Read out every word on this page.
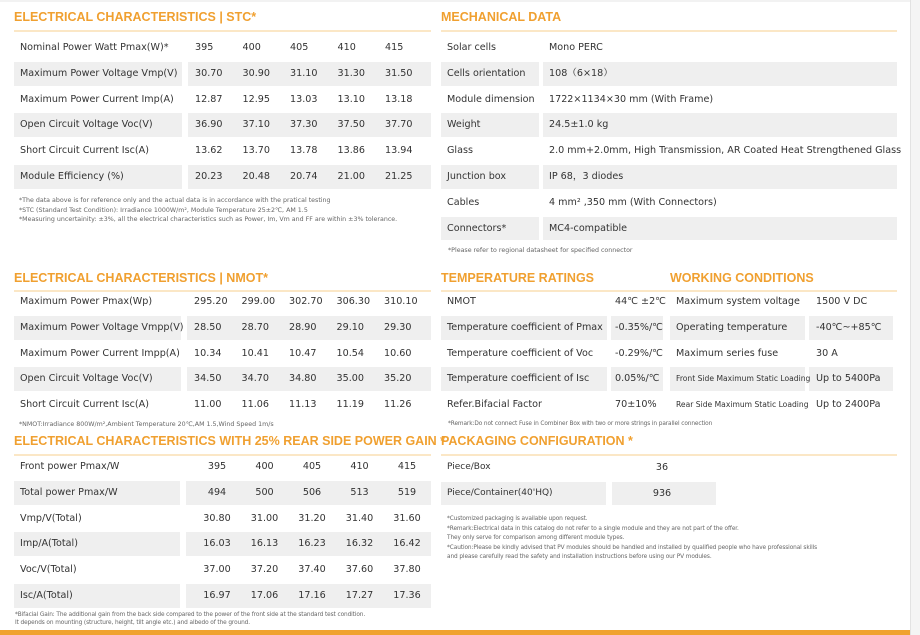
ELECTRICAL CHARACTERISTICS | STC*
Nominal Power Watt Pmax(W)*	395	400	405	410	415
Maximum Power Voltage Vmp(V) 30.70 30.90 31.10 31.30 31.50
Maximum Power Current Imp(A) 12.87 12.95 13.03 13.10 13.18
Open Circuit Voltage Voc(V)	36.90 37.10 37.30 37.50 37.70
Short Circuit Current Isc(A)	13.62 13.70 13.78 13.86 13.94
Module Efficiency (%)	20.23 20.48 20.74 21.00 21.25
*The data above is for reference only and the actual data is in accordance with the pratical testing
*STC (Standard Test Condition): Irradiance 1000W/m², Module Temperature 25±2℃, AM 1.5
*Measuring uncertainity: ±3%, all the electrical characteristics such as Power, Im, Vm and FF are within ±3% tolerance.
MECHANICAL DATA
Solar cells	Mono PERC
Cells orientation 108（6×18）
Module dimension 1722×1134×30 mm (With Frame)
Weight	24.5±1.0 kg
Glass	2.0 mm+2.0mm, High Transmission, AR Coated Heat Strengthened Glass
Junction box	IP 68，3 diodes
Cables	4 mm² ,350 mm (With Connectors)
Connectors*	MC4-compatible
*Please refer to regional datasheet for specified connector
ELECTRICAL CHARACTERISTICS | NMOT*
Maximum Power Pmax(Wp)	295.20 299.00 302.70 306.30 310.10
Maximum Power Voltage Vmpp(V) 28.50 28.70 28.90 29.10 29.30
Maximum Power Current Impp(A) 10.34 10.41 10.47 10.54 10.60
Open Circuit Voltage Voc(V)	34.50 34.70 34.80 35.00 35.20
Short Circuit Current Isc(A)	11.00 11.06 11.13 11.19 11.26
*NMOT:Irradiance 800W/m²,Ambient Temperature 20℃,AM 1.5,Wind Speed 1m/s
TEMPERATURE RATINGS	WORKING CONDITIONS
NMOT	44℃ ±2℃
Temperature coefficient of Pmax -0.35%/℃
Temperature coefficient of Voc -0.29%/℃
Temperature coefficient of Isc	0.05%/℃
Refer.Bifacial Factor	70±10%
Maximum system voltage 1500 V DC
Operating temperature	-40℃~+85℃
Maximum series fuse	30 A
Front Side Maximum Static Loading Up to 5400Pa
Rear Side Maximum Static Loading Up to 2400Pa
*Remark:Do not connect Fuse in Combiner Box with two or more strings in parallel connection
ELECTRICAL CHARACTERISTICS WITH 25% REAR SIDE POWER GAIN *
Front power Pmax/W	395	400	405	410	415
Total power Pmax/W	494	500	506	513	519
Vmp/V(Total)	30.80	31.00	31.20	31.40	31.60
Imp/A(Total)	16.03	16.13	16.23	16.32	16.42
Voc/V(Total)	37.00	37.20	37.40	37.60	37.80
Isc/A(Total)	16.97	17.06	17.16	17.27	17.36
*Bifacial Gain: The additional gain from the back side compared to the power of the front side at the standard test condition.
It depends on mounting (structure, height, tilt angle etc.) and albedo of the ground.
PACKAGING CONFIGURATION *
Piece/Box	36
Piece/Container(40'HQ)	936
*Customized packaging is available upon request.
*Remark:Electrical data in this catalog do not refer to a single module and they are not part of the offer.
They only serve for comparison among different module types.
*Caution:Please be kindly advised that PV modules should be handled and installed by qualified people who have professional skills
and please carefully read the safety and installation instructions before using our PV modules.
